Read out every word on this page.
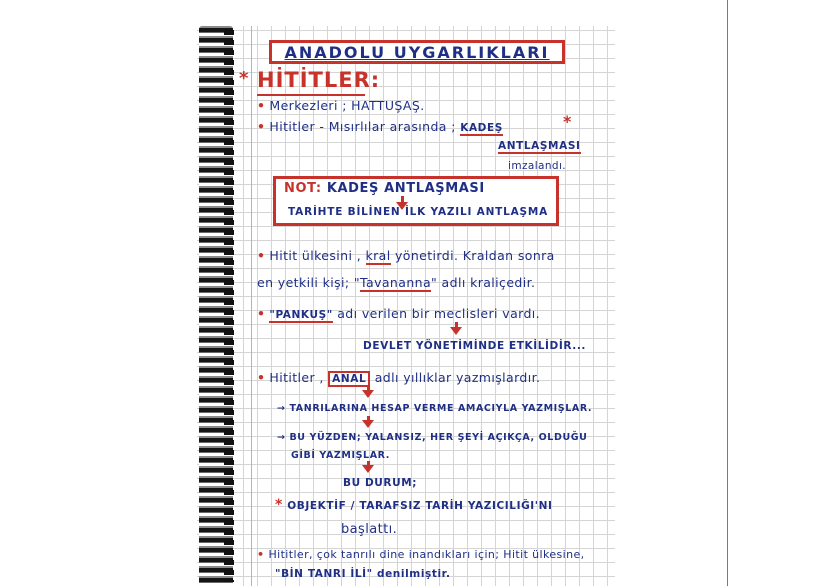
ANADOLU UYGARLIKLARI
* HİTİTLER:
• Merkezleri ; HATTUŞAŞ.
• Hititler - Mısırlılar arasında ; KADEŞ	*
ANTLAŞMASI
imzalandı.
NOT: KADEŞ ANTLAŞMASI
TARİHTE BİLİNEN İLK YAZILI ANTLAŞMA
• Hitit ülkesini , kral yönetirdi. Kraldan sonra
en yetkili kişi; "Tavananna" adlı kraliçedir.
• "PANKUŞ" adı verilen bir meclisleri vardı.
DEVLET YÖNETİMİNDE ETKİLİDİR...
• Hititler , ANAL adlı yıllıklar yazmışlardır.
→ TANRILARINA HESAP VERME AMACIYLA YAZMIŞLAR.
→ BU YÜZDEN; YALANSIZ, HER ŞEYİ AÇIKÇA, OLDUĞU
GİBİ YAZMIŞLAR.
BU DURUM;
* OBJEKTİF / TARAFSIZ TARİH YAZICILIĞI'NI
başlattı.
• Hititler, çok tanrılı dine inandıkları için; Hitit ülkesine,
"BİN TANRI İLİ" denilmiştir.
